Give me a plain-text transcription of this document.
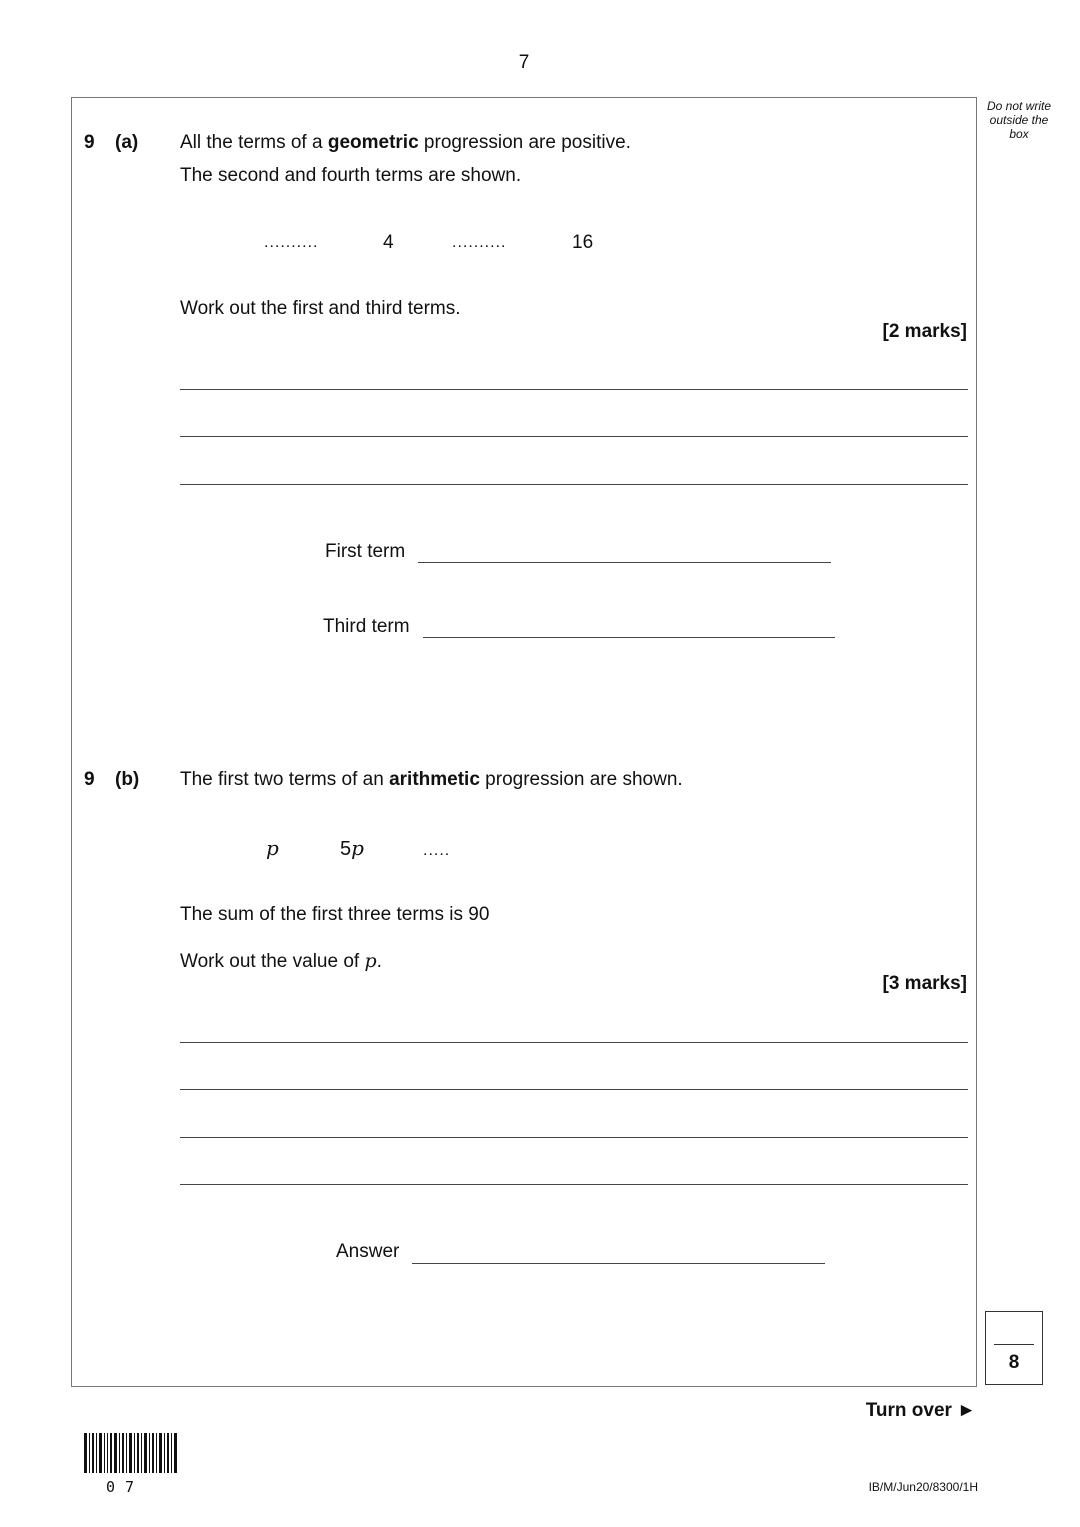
7
Do not write
outside the
box
9 (a) All the terms of a geometric progression are positive.
The second and fourth terms are shown.
..........	4	..........	16
Work out the first and third terms.
[2 marks]
First term
Third term
9 (b) The first two terms of an arithmetic progression are shown.
p	5p	.....
The sum of the first three terms is 90
Work out the value of p.
[3 marks]
Answer
8
Turn over ►
07	IB/M/Jun20/8300/1H
